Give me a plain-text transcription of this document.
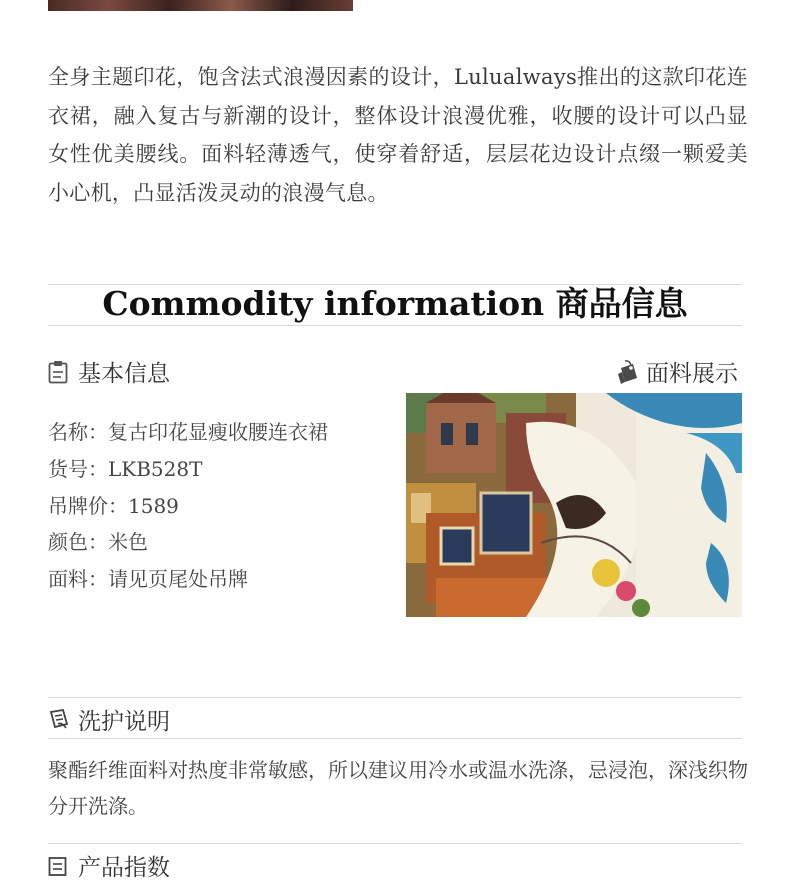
全身主题印花，饱含法式浪漫因素的设计，Lulualways推出的这款印花连衣裙，融入复古与新潮的设计，整体设计浪漫优雅，收腰的设计可以凸显女性优美腰线。面料轻薄透气，使穿着舒适，层层花边设计点缀一颗爱美小心机，凸显活泼灵动的浪漫气息。

Commodity information 商品信息
基本信息	面料展示
名称：复古印花显瘦收腰连衣裙
货号：LKB528T
吊牌价：1589
颜色：米色
面料：请见页尾处吊牌
洗护说明

聚酯纤维面料对热度非常敏感，所以建议用冷水或温水洗涤，忌浸泡，深浅织物分开洗涤。

产品指数
